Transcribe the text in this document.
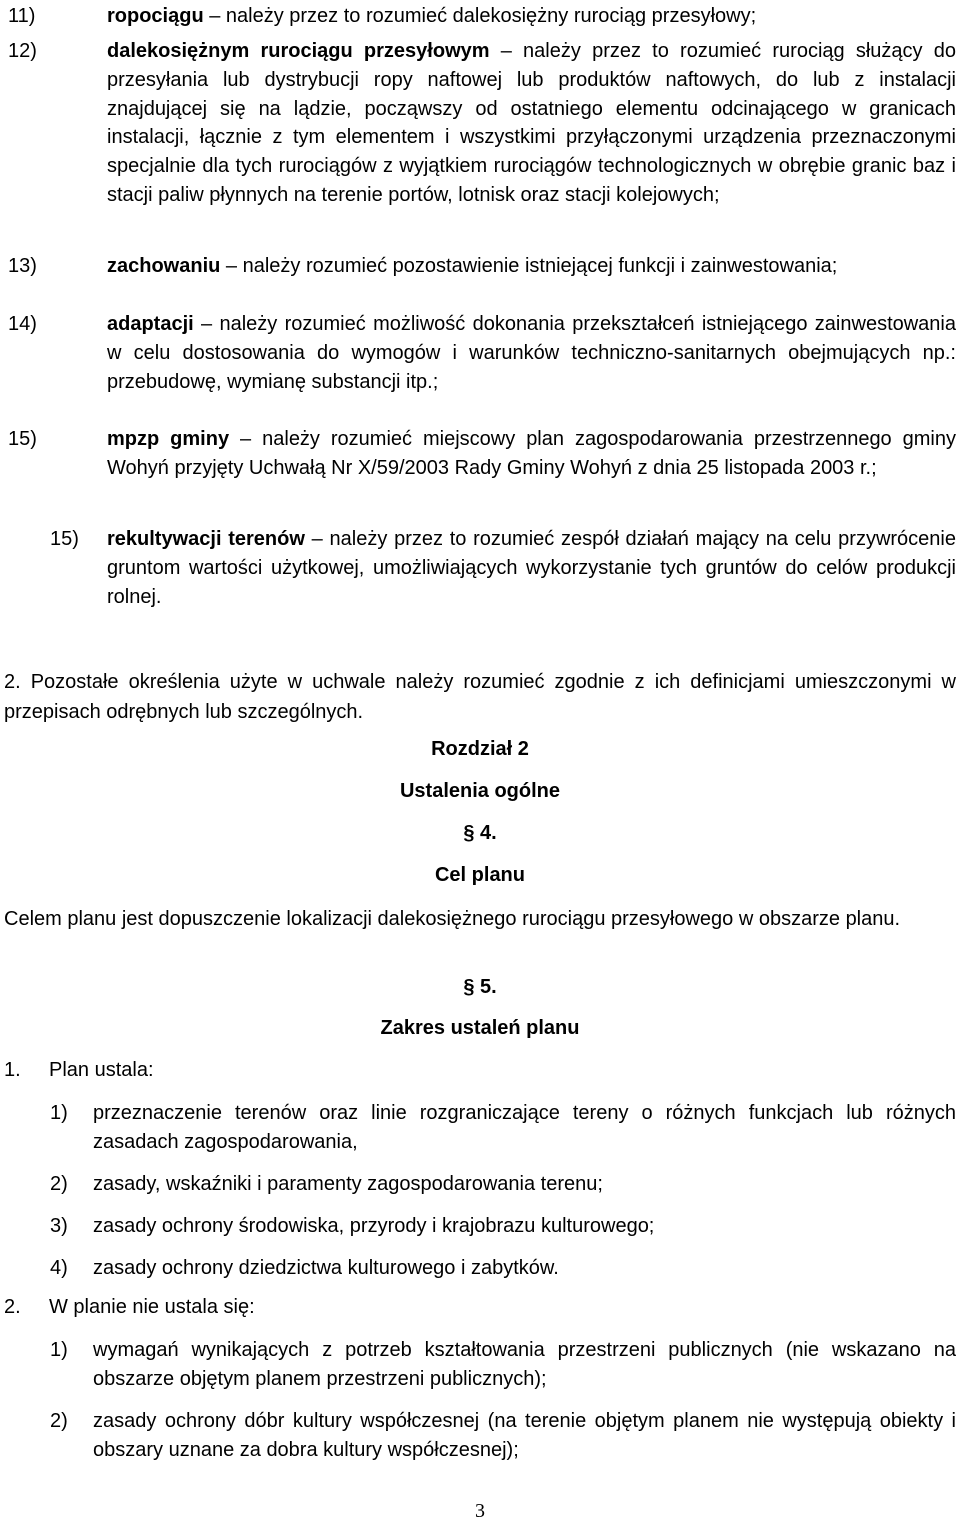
11)	ropociągu – należy przez to rozumieć dalekosiężny rurociąg przesyłowy;
12)	dalekosiężnym rurociągu przesyłowym – należy przez to rozumieć rurociąg służący do przesyłania lub dystrybucji ropy naftowej lub produktów naftowych, do lub z instalacji znajdującej się na lądzie, począwszy od ostatniego elementu odcinającego w granicach instalacji, łącznie z tym elementem i wszystkimi przyłączonymi urządzenia przeznaczonymi specjalnie dla tych rurociągów z wyjątkiem rurociągów technologicznych w obrębie granic baz i stacji paliw płynnych na terenie portów, lotnisk oraz stacji kolejowych;
13)	zachowaniu – należy rozumieć pozostawienie istniejącej funkcji i zainwestowania;
14)	adaptacji – należy rozumieć możliwość dokonania przekształceń istniejącego zainwestowania w celu dostosowania do wymogów i warunków techniczno-sanitarnych obejmujących np.: przebudowę, wymianę substancji itp.;
15)	mpzp gminy – należy rozumieć miejscowy plan zagospodarowania przestrzennego gminy Wohyń przyjęty Uchwałą Nr X/59/2003 Rady Gminy Wohyń z dnia 25 listopada 2003 r.;
15) rekultywacji terenów – należy przez to rozumieć zespół działań mający na celu przywrócenie gruntom wartości użytkowej, umożliwiających wykorzystanie tych gruntów do celów produkcji rolnej.
2. Pozostałe określenia użyte w uchwale należy rozumieć zgodnie z ich definicjami umieszczonymi w przepisach odrębnych lub szczególnych.
Rozdział 2
Ustalenia ogólne
§ 4.
Cel planu
Celem planu jest dopuszczenie lokalizacji dalekosiężnego rurociągu przesyłowego w obszarze planu.
§ 5.
Zakres ustaleń planu
1. Plan ustala:
1) przeznaczenie terenów oraz linie rozgraniczające tereny o różnych funkcjach lub różnych zasadach zagospodarowania,
2) zasady, wskaźniki i paramenty zagospodarowania terenu;
3) zasady ochrony środowiska, przyrody i krajobrazu kulturowego;
4) zasady ochrony dziedzictwa kulturowego i zabytków.
2. W planie nie ustala się:
1) wymagań wynikających z potrzeb kształtowania przestrzeni publicznych (nie wskazano na obszarze objętym planem przestrzeni publicznych);
2) zasady ochrony dóbr kultury współczesnej (na terenie objętym planem nie występują obiekty i obszary uznane za dobra kultury współczesnej);
3
